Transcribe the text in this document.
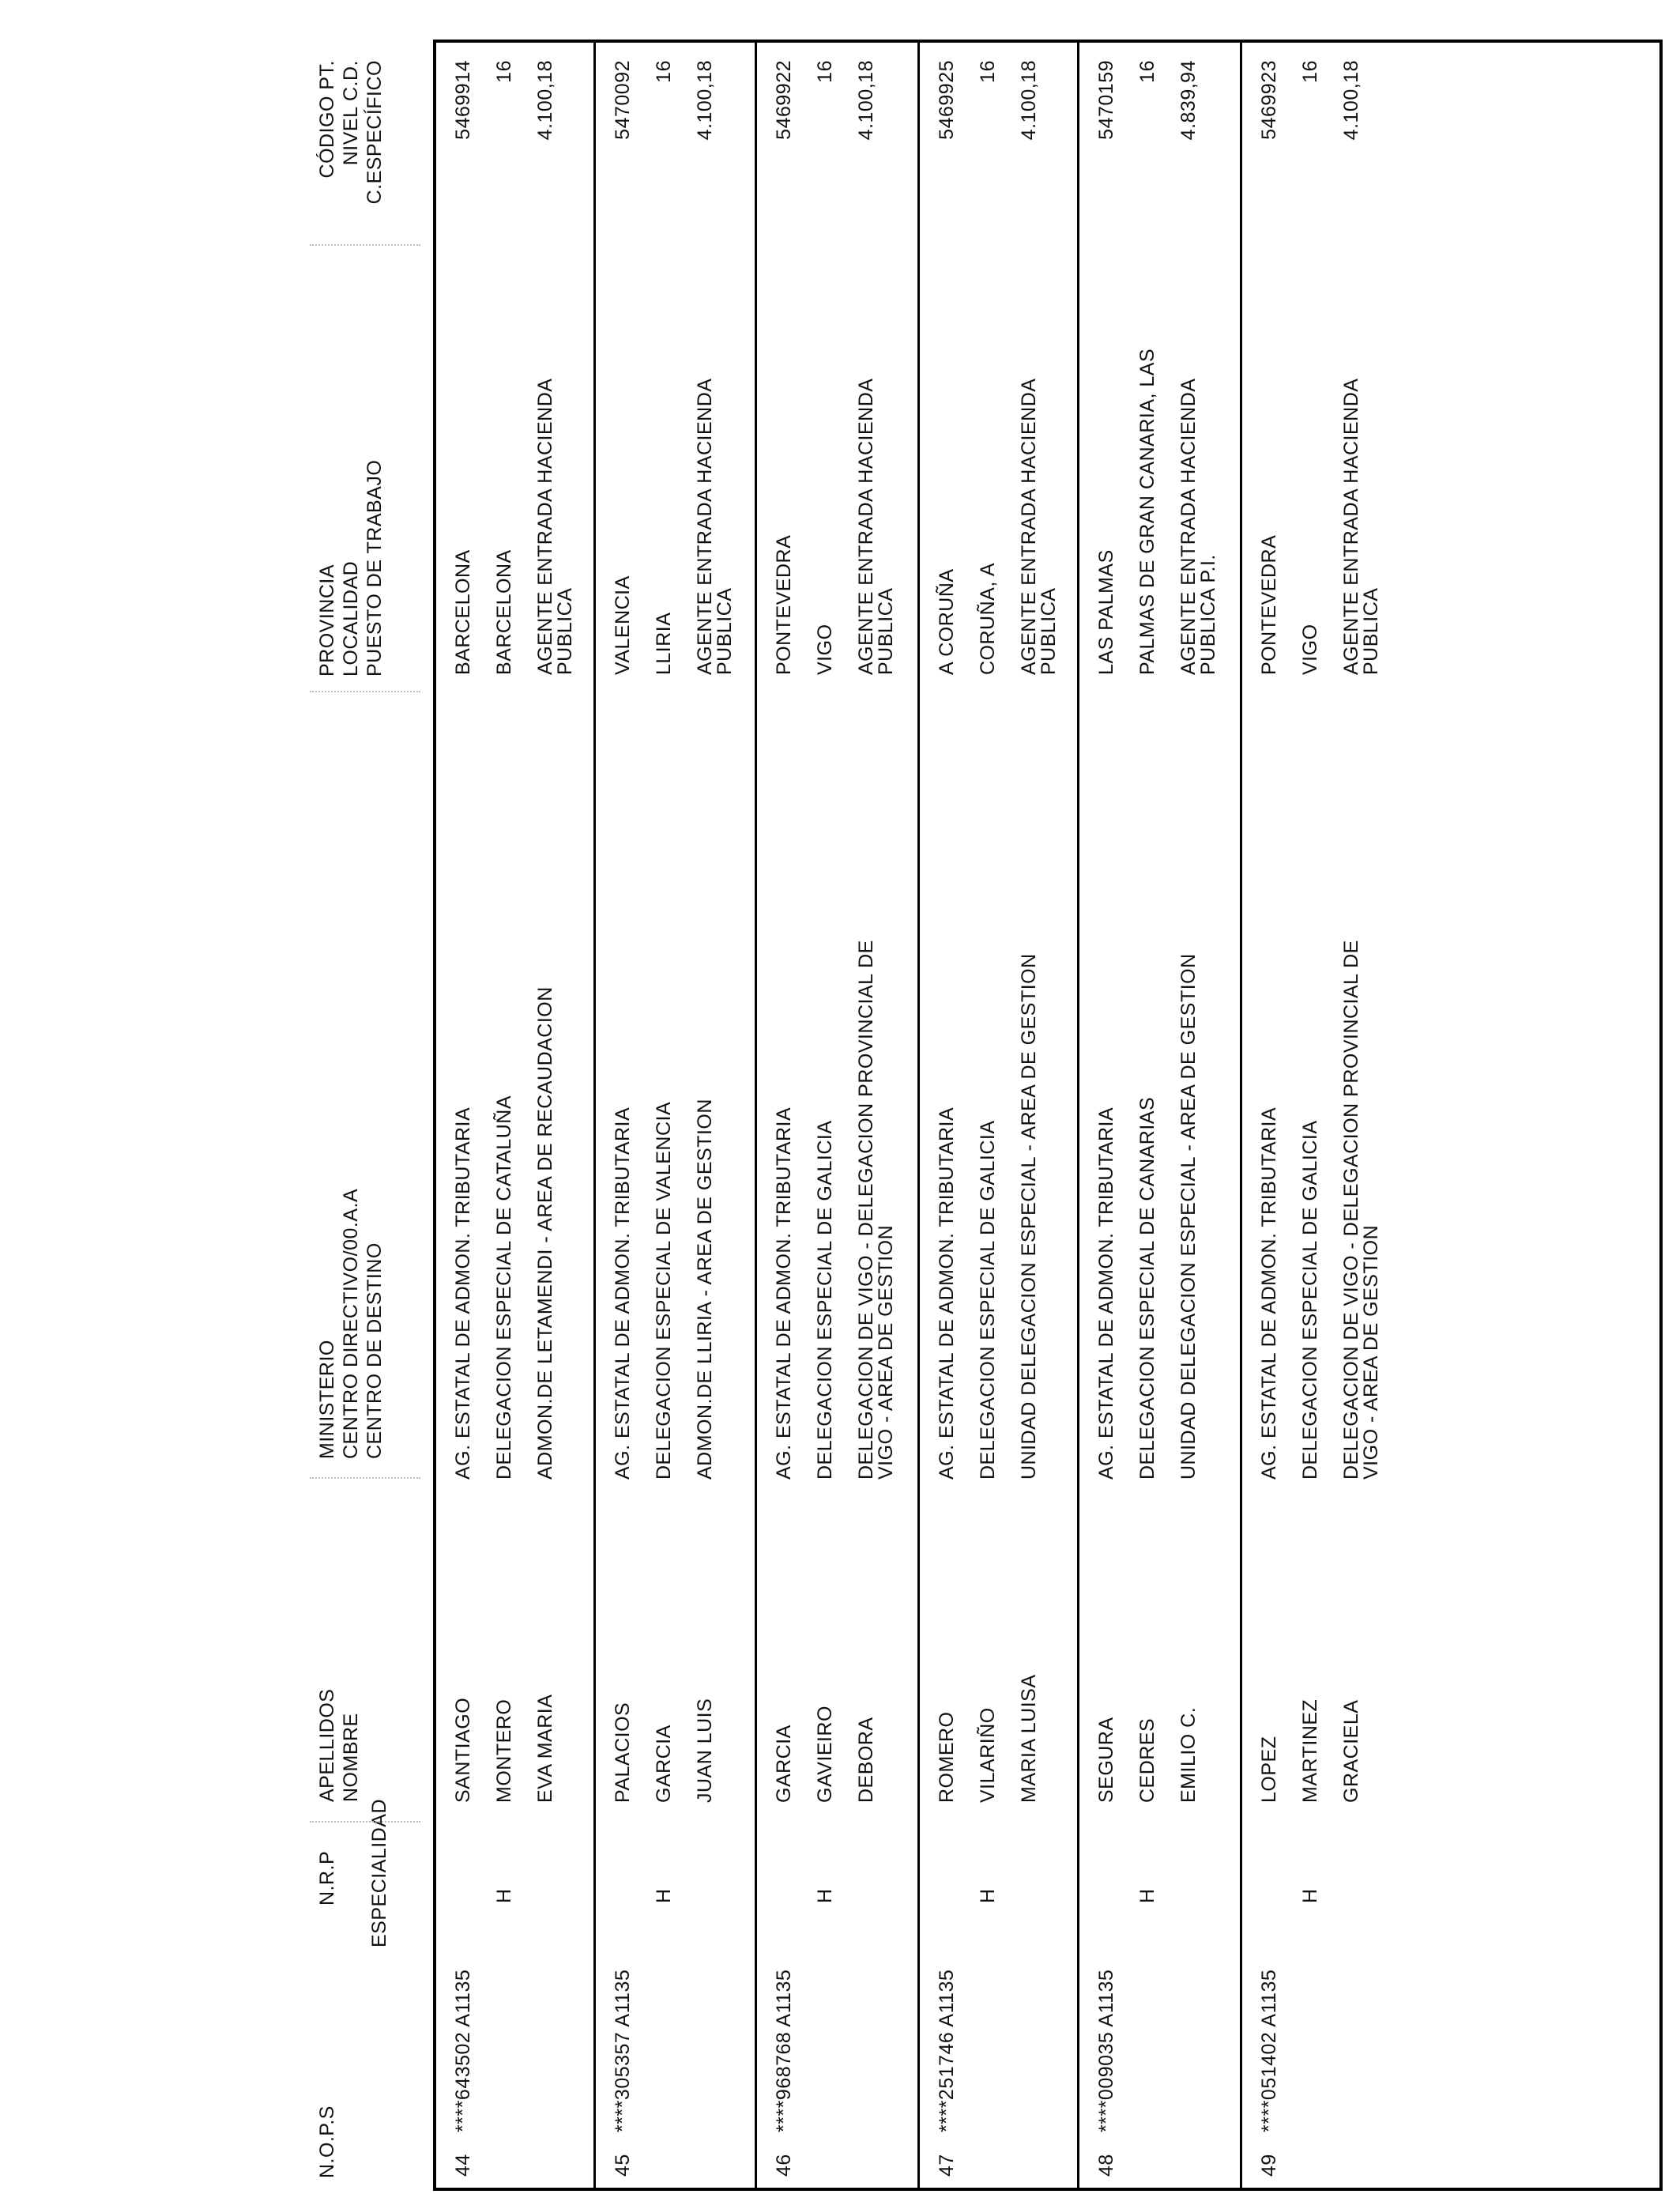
N.O.P.S
N.R.P ESPECIALIDAD
APELLIDOS NOMBRE
MINISTERIO CENTRO DIRECTIVO/00.A.A CENTRO DE DESTINO
PROVINCIA LOCALIDAD PUESTO DE TRABAJO
CÓDIGO PT. NIVEL C.D. C.ESPECÍFICO
44
****643502 A1135
H
SANTIAGO MONTERO EVA MARIA
AG. ESTATAL DE ADMON. TRIBUTARIA DELEGACION ESPECIAL DE CATALUÑA ADMON.DE LETAMENDI - AREA DE RECAUDACION
BARCELONA BARCELONA AGENTE ENTRADA HACIENDA PUBLICA
5469914 16 4.100,18
45
****305357 A1135
H
PALACIOS GARCIA JUAN LUIS
AG. ESTATAL DE ADMON. TRIBUTARIA DELEGACION ESPECIAL DE VALENCIA ADMON.DE LLIRIA - AREA DE GESTION
VALENCIA LLIRIA AGENTE ENTRADA HACIENDA PUBLICA
5470092 16 4.100,18
46
****968768 A1135
H
GARCIA GAVIEIRO DEBORA
AG. ESTATAL DE ADMON. TRIBUTARIA DELEGACION ESPECIAL DE GALICIA DELEGACION DE VIGO - DELEGACION PROVINCIAL DE VIGO - AREA DE GESTION
PONTEVEDRA VIGO AGENTE ENTRADA HACIENDA PUBLICA
5469922 16 4.100,18
47
****251746 A1135
H
ROMERO VILARIÑO MARIA LUISA
AG. ESTATAL DE ADMON. TRIBUTARIA DELEGACION ESPECIAL DE GALICIA UNIDAD DELEGACION ESPECIAL - AREA DE GESTION
A CORUÑA CORUÑA, A AGENTE ENTRADA HACIENDA PUBLICA
5469925 16 4.100,18
48
****009035 A1135
H
SEGURA CEDRES EMILIO C.
AG. ESTATAL DE ADMON. TRIBUTARIA DELEGACION ESPECIAL DE CANARIAS UNIDAD DELEGACION ESPECIAL - AREA DE GESTION
LAS PALMAS PALMAS DE GRAN CANARIA, LAS AGENTE ENTRADA HACIENDA PUBLICA P.I.
5470159 16 4.839,94
49
****051402 A1135
H
LOPEZ MARTINEZ GRACIELA
AG. ESTATAL DE ADMON. TRIBUTARIA DELEGACION ESPECIAL DE GALICIA DELEGACION DE VIGO - DELEGACION PROVINCIAL DE VIGO - AREA DE GESTION
PONTEVEDRA VIGO AGENTE ENTRADA HACIENDA PUBLICA
5469923 16 4.100,18
